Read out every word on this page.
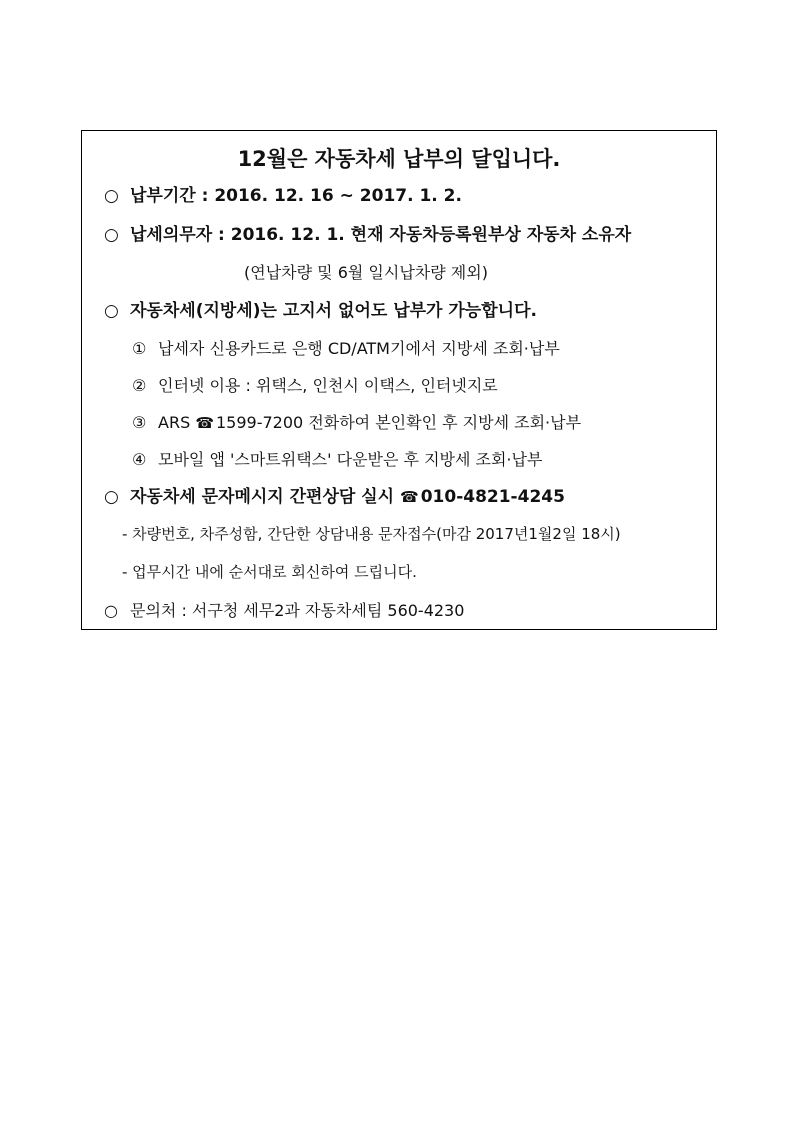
12월은 자동차세 납부의 달입니다.
○ 납부기간 : 2016. 12. 16 ~ 2017. 1. 2.
○ 납세의무자 : 2016. 12. 1. 현재 자동차등록원부상 자동차 소유자
(연납차량 및 6월 일시납차량 제외)
○ 자동차세(지방세)는 고지서 없어도 납부가 가능합니다.
① 납세자 신용카드로 은행 CD/ATM기에서 지방세 조회·납부
② 인터넷 이용 : 위택스, 인천시 이택스, 인터넷지로
③ ARS ☎ 1599-7200 전화하여 본인확인 후 지방세 조회·납부
④ 모바일 앱 '스마트위택스' 다운받은 후 지방세 조회·납부
○ 자동차세 문자메시지 간편상담 실시 ☎ 010-4821-4245
- 차량번호, 차주성함, 간단한 상담내용 문자접수(마감 2017년1월2일 18시)
- 업무시간 내에 순서대로 회신하여 드립니다.
○ 문의처 : 서구청 세무2과 자동차세팀 560-4230
